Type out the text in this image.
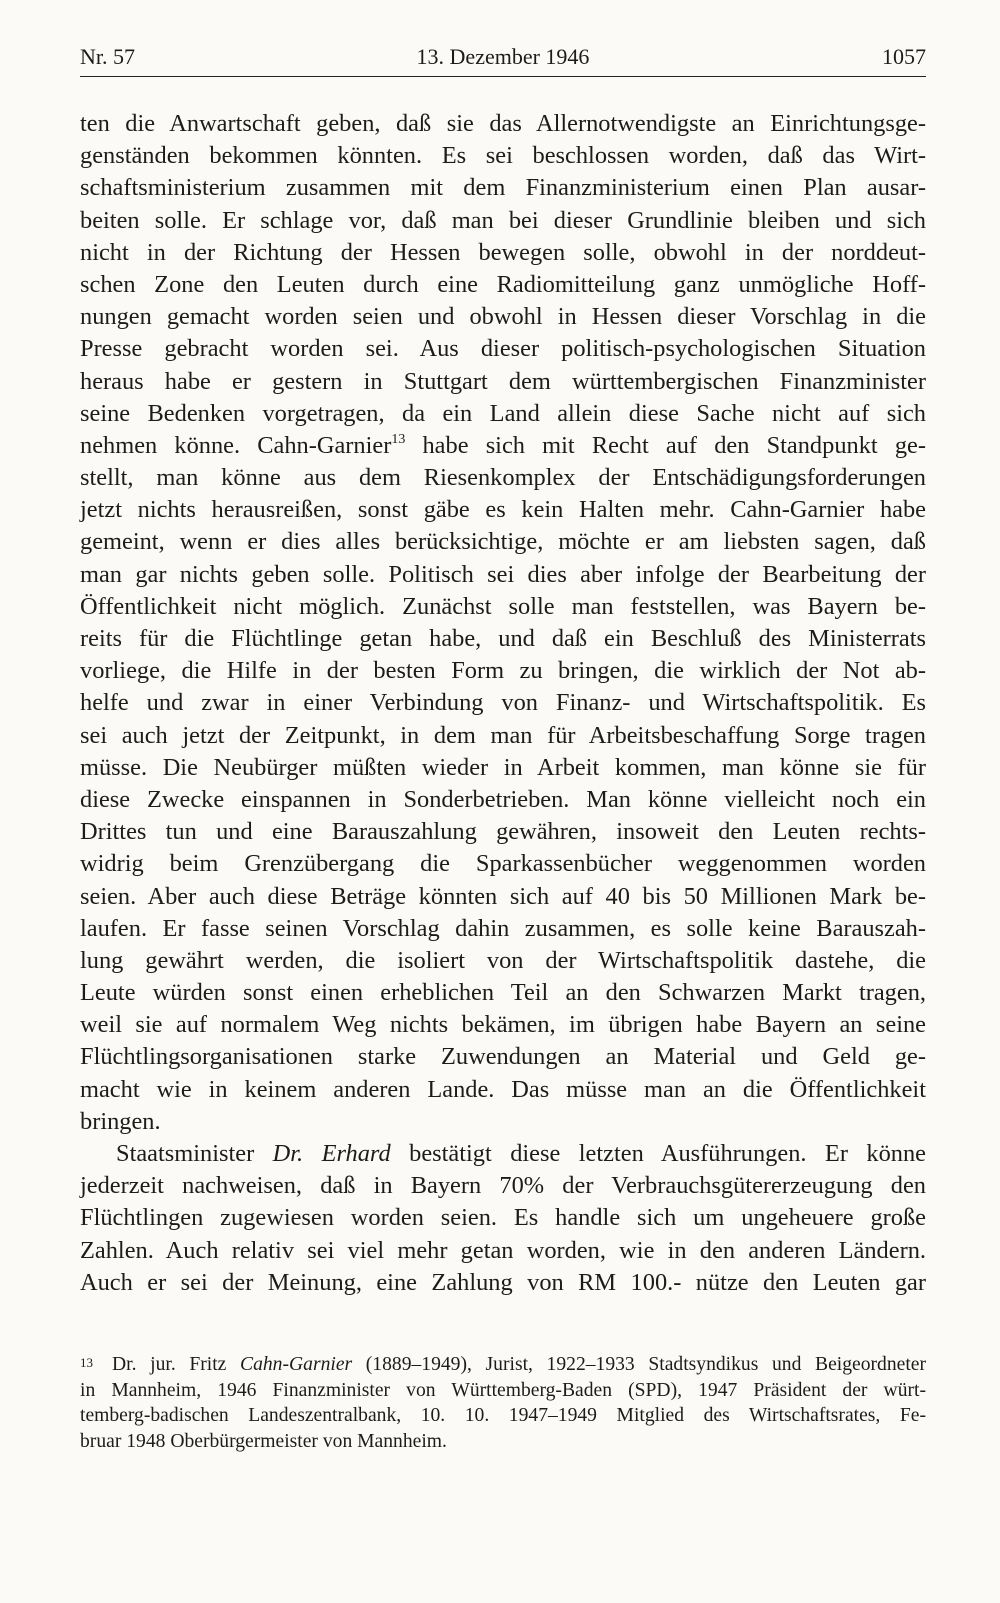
Nr. 57	13. Dezember 1946	1057
ten die Anwartschaft geben, daß sie das Allernotwendigste an Einrichtungsge-
genständen bekommen könnten. Es sei beschlossen worden, daß das Wirt-
schaftsministerium zusammen mit dem Finanzministerium einen Plan ausar-
beiten solle. Er schlage vor, daß man bei dieser Grundlinie bleiben und sich
nicht in der Richtung der Hessen bewegen solle, obwohl in der norddeut-
schen Zone den Leuten durch eine Radiomitteilung ganz unmögliche Hoff-
nungen gemacht worden seien und obwohl in Hessen dieser Vorschlag in die
Presse gebracht worden sei. Aus dieser politisch-psychologischen Situation
heraus habe er gestern in Stuttgart dem württembergischen Finanzminister
seine Bedenken vorgetragen, da ein Land allein diese Sache nicht auf sich
nehmen könne. Cahn-Garnier$^{13}$ habe sich mit Recht auf den Standpunkt ge-
stellt, man könne aus dem Riesenkomplex der Entschädigungsforderungen
jetzt nichts herausreißen, sonst gäbe es kein Halten mehr. Cahn-Garnier habe
gemeint, wenn er dies alles berücksichtige, möchte er am liebsten sagen, daß
man gar nichts geben solle. Politisch sei dies aber infolge der Bearbeitung der
Öffentlichkeit nicht möglich. Zunächst solle man feststellen, was Bayern be-
reits für die Flüchtlinge getan habe, und daß ein Beschluß des Ministerrats
vorliege, die Hilfe in der besten Form zu bringen, die wirklich der Not ab-
helfe und zwar in einer Verbindung von Finanz- und Wirtschaftspolitik. Es
sei auch jetzt der Zeitpunkt, in dem man für Arbeitsbeschaffung Sorge tragen
müsse. Die Neubürger müßten wieder in Arbeit kommen, man könne sie für
diese Zwecke einspannen in Sonderbetrieben. Man könne vielleicht noch ein
Drittes tun und eine Barauszahlung gewähren, insoweit den Leuten rechts-
widrig beim Grenzübergang die Sparkassenbücher weggenommen worden
seien. Aber auch diese Beträge könnten sich auf 40 bis 50 Millionen Mark be-
laufen. Er fasse seinen Vorschlag dahin zusammen, es solle keine Barauszah-
lung gewährt werden, die isoliert von der Wirtschaftspolitik dastehe, die
Leute würden sonst einen erheblichen Teil an den Schwarzen Markt tragen,
weil sie auf normalem Weg nichts bekämen, im übrigen habe Bayern an seine
Flüchtlingsorganisationen starke Zuwendungen an Material und Geld ge-
macht wie in keinem anderen Lande. Das müsse man an die Öffentlichkeit
bringen.
Staatsminister Dr. Erhard bestätigt diese letzten Ausführungen. Er könne
jederzeit nachweisen, daß in Bayern 70% der Verbrauchsgütererzeugung den
Flüchtlingen zugewiesen worden seien. Es handle sich um ungeheuere große
Zahlen. Auch relativ sei viel mehr getan worden, wie in den anderen Ländern.
Auch er sei der Meinung, eine Zahlung von RM 100.- nütze den Leuten gar
13 Dr. jur. Fritz Cahn-Garnier (1889–1949), Jurist, 1922–1933 Stadtsyndikus und Beigeordneter
in Mannheim, 1946 Finanzminister von Württemberg-Baden (SPD), 1947 Präsident der würt-
temberg-badischen Landeszentralbank, 10. 10. 1947–1949 Mitglied des Wirtschaftsrates, Fe-
bruar 1948 Oberbürgermeister von Mannheim.
